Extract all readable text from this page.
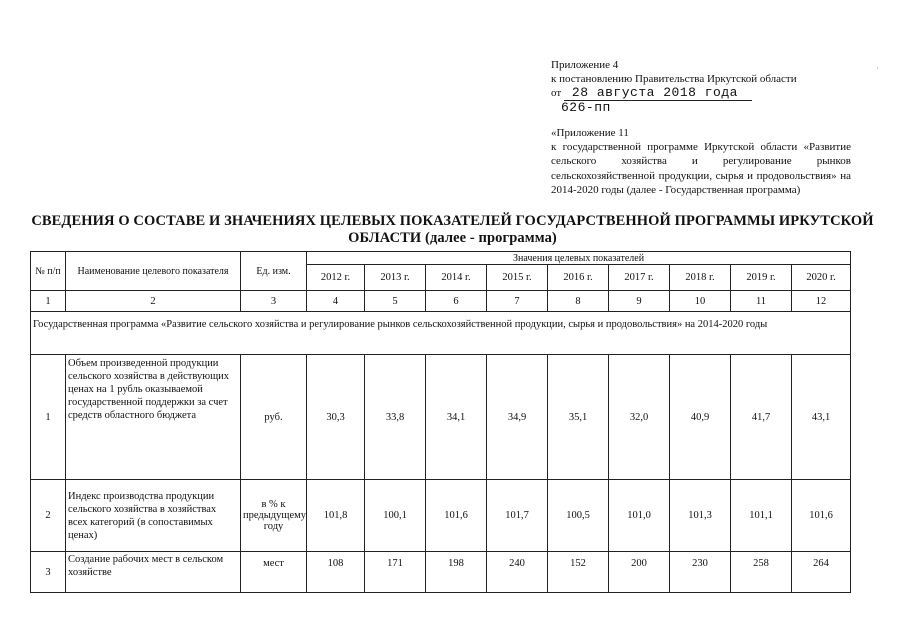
Приложение 4
к постановлению Правительства Иркутской области
от 28 августа 2018 года
626-пп
«Приложение 11
к государственной программе Иркутской области «Развитие сельского хозяйства и регулирование рынков сельскохозяйственной продукции, сырья и продовольствия» на 2014-2020 годы (далее - Государственная программа)
·
СВЕДЕНИЯ О СОСТАВЕ И ЗНАЧЕНИЯХ ЦЕЛЕВЫХ ПОКАЗАТЕЛЕЙ ГОСУДАРСТВЕННОЙ ПРОГРАММЫ ИРКУТСКОЙ ОБЛАСТИ (далее - программа)
№ п/п	Наименование целевого показателя	Ед. изм.	Значения целевых показателей								
			2012 г.	2013 г.	2014 г.	2015 г.	2016 г.	2017 г.	2018 г.	2019 г.	2020 г.
1	2	3	4	5	6	7	8	9	10	11	12
Государственная программа «Развитие сельского хозяйства и регулирование рынков сельскохозяйственной продукции, сырья и продовольствия» на 2014-2020 годы											
1	Объем произведенной продукции сельского хозяйства в действующих ценах на 1 рубль оказываемой государственной поддержки за счет средств областного бюджета	руб.	30,3	33,8	34,1	34,9	35,1	32,0	40,9	41,7	43,1
2	Индекс производства продукции сельского хозяйства в хозяйствах всех категорий (в сопоставимых ценах)	в % к предыдущему году	101,8	100,1	101,6	101,7	100,5	101,0	101,3	101,1	101,6
3	Создание рабочих мест в сельском хозяйстве	мест	108	171	198	240	152	200	230	258	264
